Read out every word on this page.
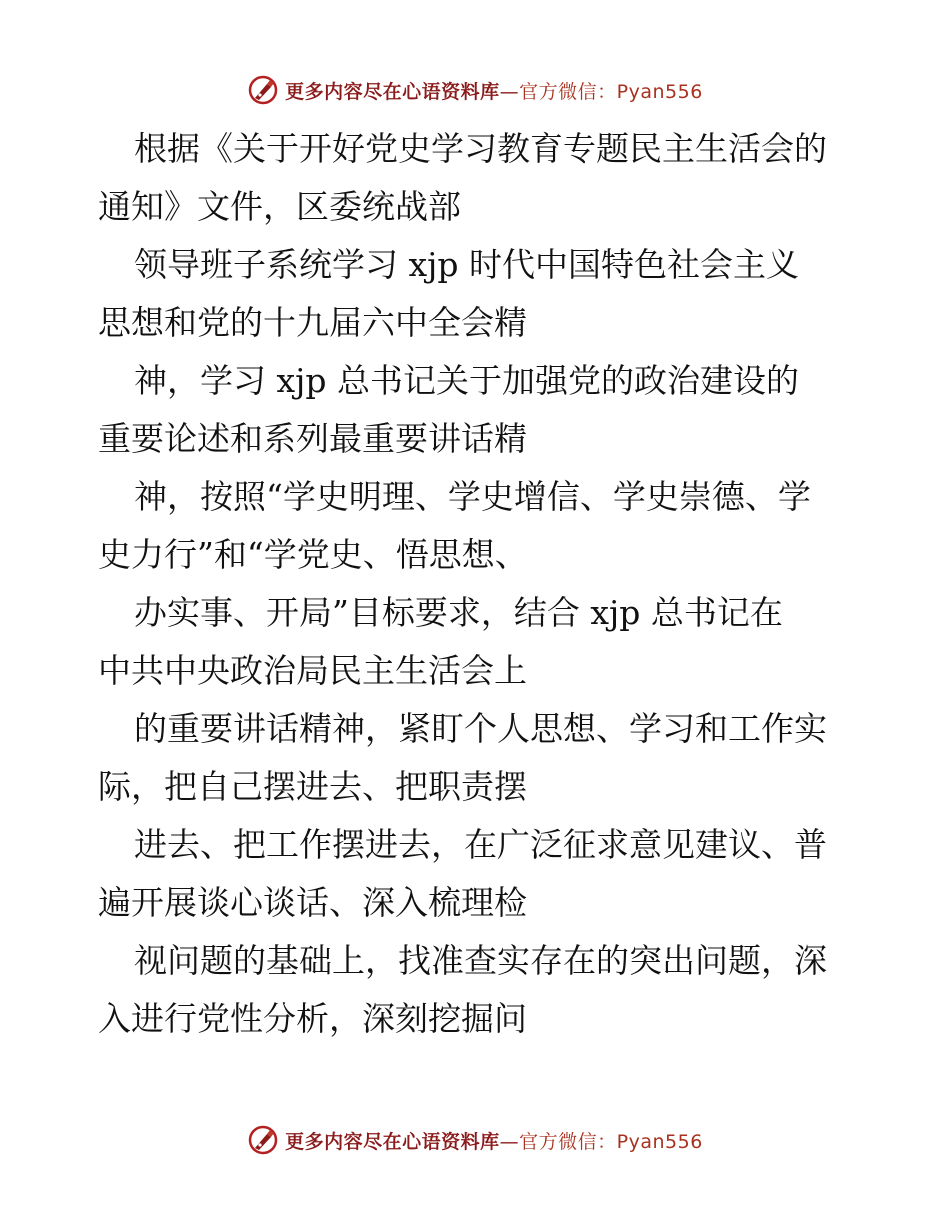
更多内容尽在心语资料库—官方微信：Pyan556

根据《关于开好党史学习教育专题民主生活会的
通知》文件，区委统战部

领导班子系统学习 xjp 时代中国特色社会主义
思想和党的十九届六中全会精

神，学习 xjp 总书记关于加强党的政治建设的
重要论述和系列最重要讲话精

神，按照“学史明理、学史增信、学史崇德、学
史力行”和“学党史、悟思想、

办实事、开局”目标要求，结合 xjp 总书记在
中共中央政治局民主生活会上

的重要讲话精神，紧盯个人思想、学习和工作实
际，把自己摆进去、把职责摆

进去、把工作摆进去，在广泛征求意见建议、普
遍开展谈心谈话、深入梳理检

视问题的基础上，找准查实存在的突出问题，深
入进行党性分析，深刻挖掘问

更多内容尽在心语资料库—官方微信：Pyan556
